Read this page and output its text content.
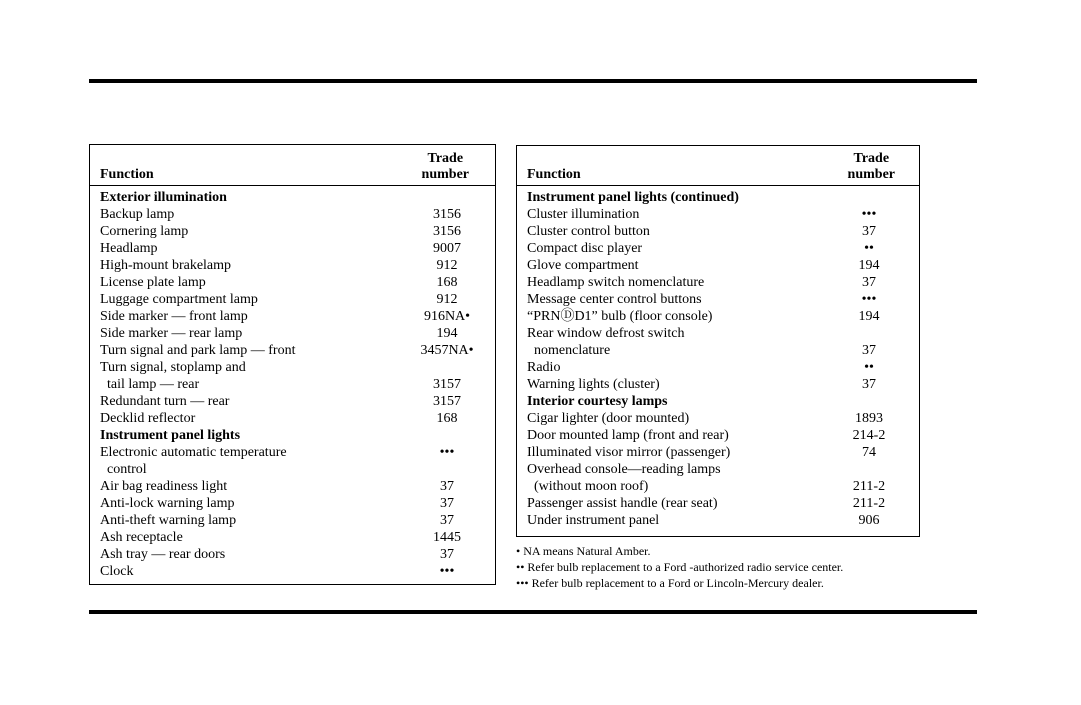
Function
Trade
number
Exterior illumination
Backup lamp	3156
Cornering lamp	3156
Headlamp	9007
High-mount brakelamp	912
License plate lamp	168
Luggage compartment lamp	912
Side marker — front lamp	916NA•
Side marker — rear lamp	194
Turn signal and park lamp — front	3457NA•
Turn signal, stoplamp and
tail lamp — rear	3157
Redundant turn — rear	3157
Decklid reflector	168
Instrument panel lights
Electronic automatic temperature	•••
control
Air bag readiness light	37
Anti-lock warning lamp	37
Anti-theft warning lamp	37
Ash receptacle	1445
Ash tray — rear doors	37
Clock	•••
Function
Trade
number
Instrument panel lights (continued)
Cluster illumination	•••
Cluster control button	37
Compact disc player	••
Glove compartment	194
Headlamp switch nomenclature	37
Message center control buttons	•••
“PRNⒹD1” bulb (floor console)	194
Rear window defrost switch
nomenclature	37
Radio	••
Warning lights (cluster)	37
Interior courtesy lamps
Cigar lighter (door mounted)	1893
Door mounted lamp (front and rear)	214-2
Illuminated visor mirror (passenger)	74
Overhead console—reading lamps
(without moon roof)	211-2
Passenger assist handle (rear seat)	211-2
Under instrument panel	906
• NA means Natural Amber.
•• Refer bulb replacement to a Ford -authorized radio service center.
••• Refer bulb replacement to a Ford or Lincoln-Mercury dealer.
